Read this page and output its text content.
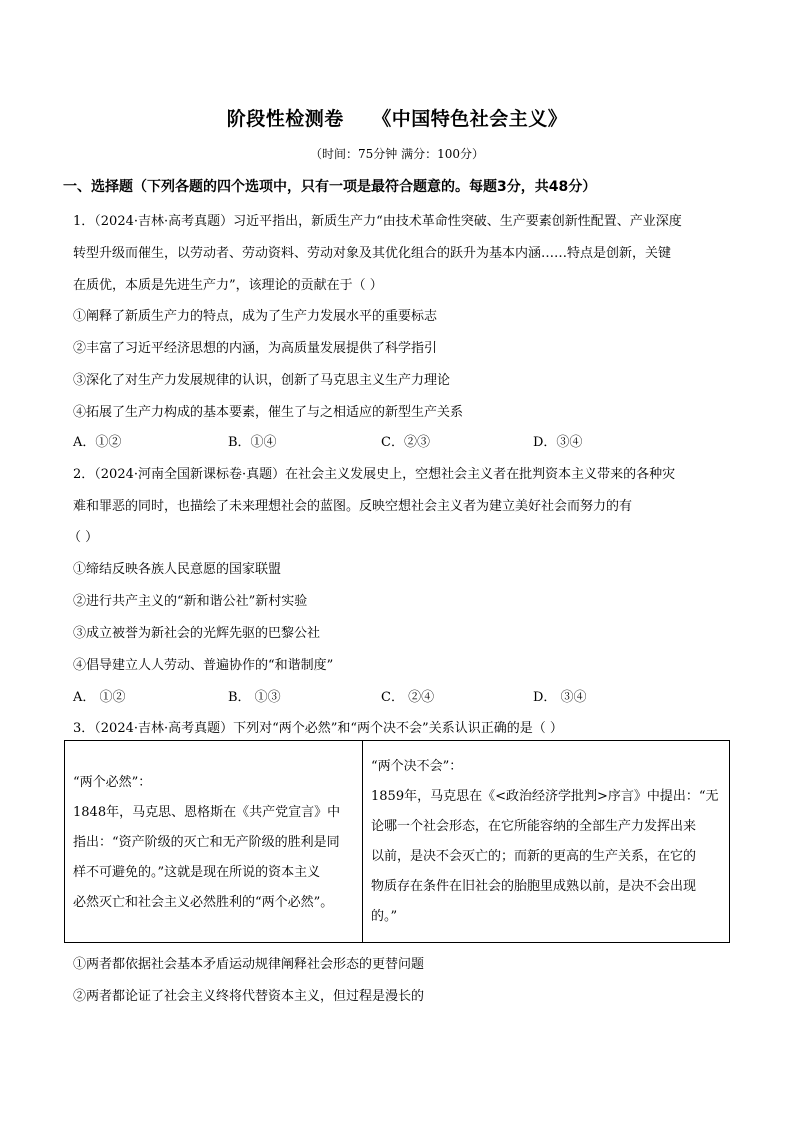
阶段性检测卷    《中国特色社会主义》
（时间：75分钟 满分：100分）
一、选择题（下列各题的四个选项中，只有一项是最符合题意的。每题3分，共48分）
1．（2024·吉林·高考真题）习近平指出，新质生产力“由技术革命性突破、生产要素创新性配置、产业深度
转型升级而催生，以劳动者、劳动资料、劳动对象及其优化组合的跃升为基本内涵……特点是创新，关键
在质优，本质是先进生产力”，该理论的贡献在于（ ）
①阐释了新质生产力的特点，成为了生产力发展水平的重要标志
②丰富了习近平经济思想的内涵，为高质量发展提供了科学指引
③深化了对生产力发展规律的认识，创新了马克思主义生产力理论
④拓展了生产力构成的基本要素，催生了与之相适应的新型生产关系
A．①②	B．①④	C．②③	D．③④
2．（2024·河南全国新课标卷·真题）在社会主义发展史上，空想社会主义者在批判资本主义带来的各种灾
难和罪恶的同时，也描绘了未来理想社会的蓝图。反映空想社会主义者为建立美好社会而努力的有
（ ）
①缔结反映各族人民意愿的国家联盟
②进行共产主义的“新和谐公社”新村实验
③成立被誉为新社会的光辉先驱的巴黎公社
④倡导建立人人劳动、普遍协作的“和谐制度”
A． ①②	B． ①③	C． ②④	D． ③④
3．（2024·吉林·高考真题）下列对“两个必然”和“两个决不会”关系认识正确的是（ ）
“两个必然”：
1848年，马克思、恩格斯在《共产党宣言》中
指出：“资产阶级的灭亡和无产阶级的胜利是同
样不可避免的。”这就是现在所说的资本主义
必然灭亡和社会主义必然胜利的“两个必然”。

“两个决不会”：
1859年，马克思在《<政治经济学批判>序言》中提出：“无
论哪一个社会形态，在它所能容纳的全部生产力发挥出来
以前，是决不会灭亡的；而新的更高的生产关系，在它的
物质存在条件在旧社会的胎胞里成熟以前，是决不会出现
的。”
①两者都依据社会基本矛盾运动规律阐释社会形态的更替问题
②两者都论证了社会主义终将代替资本主义，但过程是漫长的
